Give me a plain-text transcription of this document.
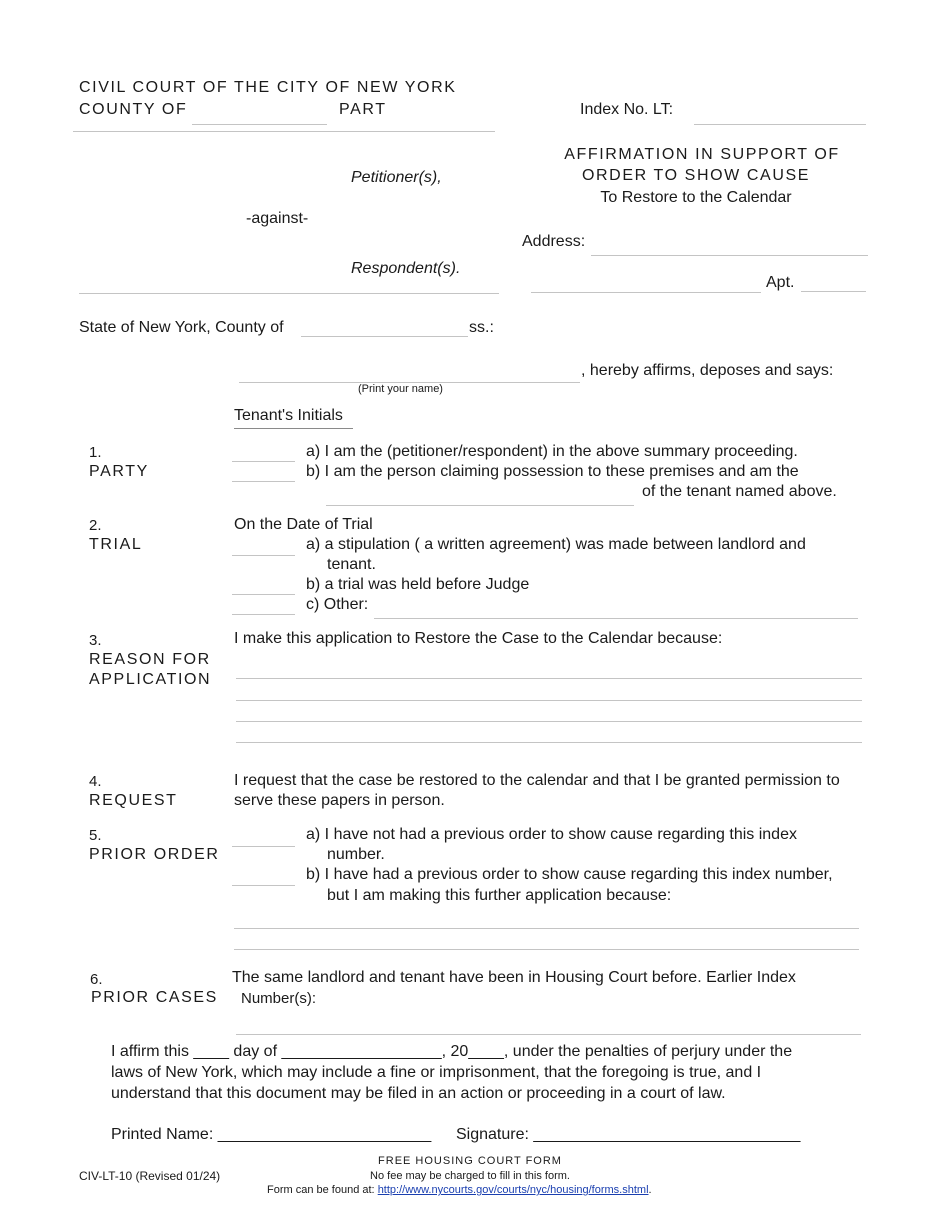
CIVIL COURT OF THE CITY OF NEW YORK
COUNTY OF	PART	Index No. LT:
Petitioner(s),
-against-
Respondent(s).
AFFIRMATION IN SUPPORT OF
ORDER TO SHOW CAUSE
To Restore to the Calendar
Address:
Apt.
State of New York, County of	ss.:
, hereby affirms, deposes and says:
(Print your name)
Tenant's Initials
1.
PARTY
a) I am the (petitioner/respondent) in the above summary proceeding.
b) I am the person claiming possession to these premises and am the
of the tenant named above.
2.
TRIAL
On the Date of Trial
a) a stipulation ( a written agreement) was made between landlord and
tenant.
b) a trial was held before Judge
c) Other:
3.
REASON FOR
APPLICATION
I make this application to Restore the Case to the Calendar because:
4.
REQUEST
I request that the case be restored to the calendar and that I be granted permission to
serve these papers in person.
5.
PRIOR ORDER
a) I have not had a previous order to show cause regarding this index
number.
b) I have had a previous order to show cause regarding this index number,
but I am making this further application because:
6.
PRIOR CASES
The same landlord and tenant have been in Housing Court before. Earlier Index
Number(s):
I affirm this ____ day of __________________, 20____, under the penalties of perjury under the
laws of New York, which may include a fine or imprisonment, that the foregoing is true, and I
understand that this document may be filed in an action or proceeding in a court of law.
Printed Name: ________________________ Signature: ______________________________
CIV-LT-10 (Revised 01/24)
FREE HOUSING COURT FORM
No fee may be charged to fill in this form.
Form can be found at: http://www.nycourts.gov/courts/nyc/housing/forms.shtml.
